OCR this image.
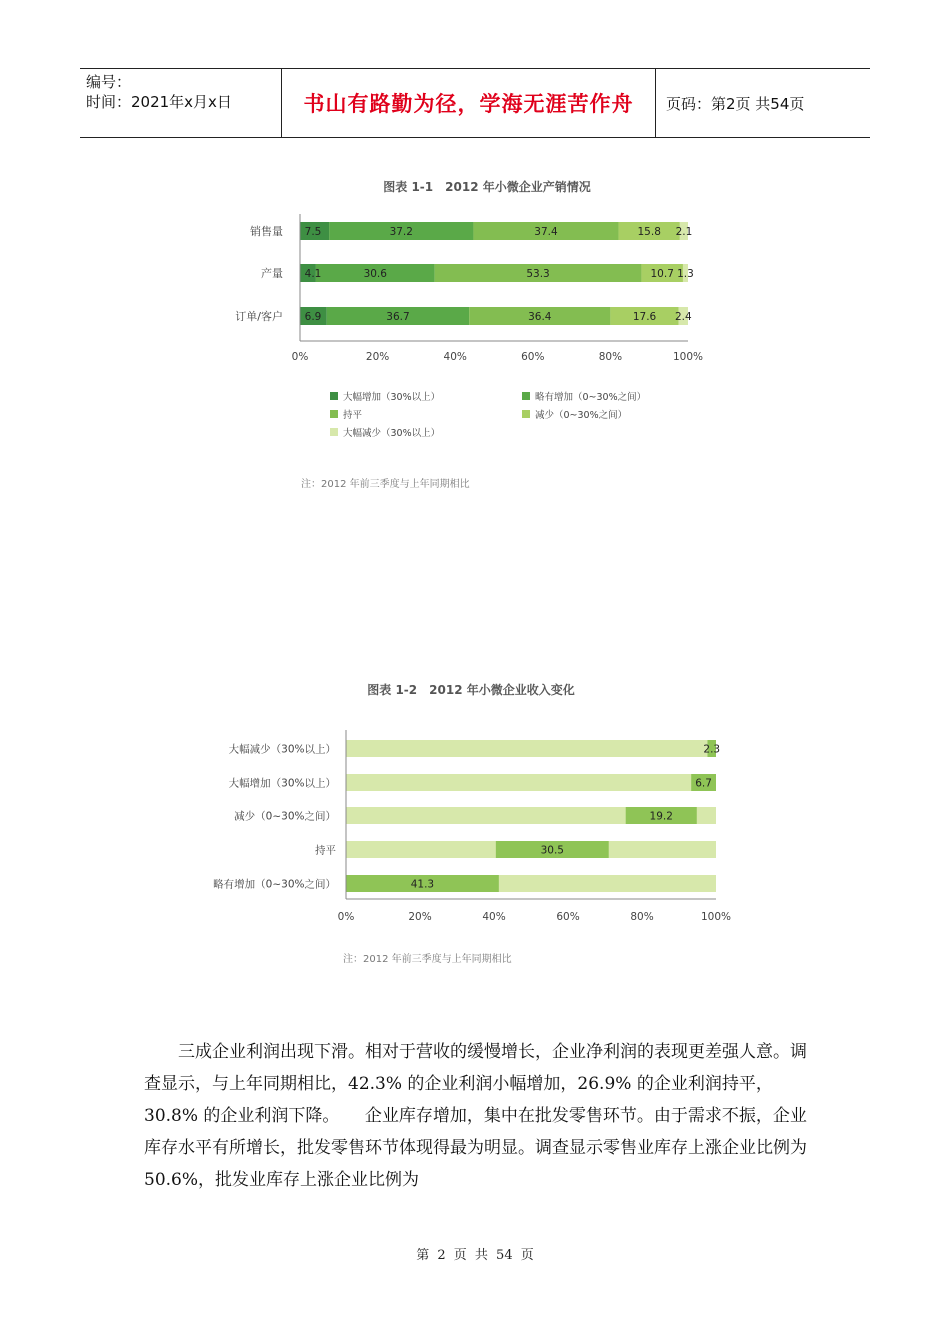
编号：
时间：2021年x月x日	书山有路勤为径，学海无涯苦作舟	页码：第2页 共54页
图表 1-1　2012 年小微企业产销情况
销售量
产量
订单/客户
7.5	37.2	37.4	15.8 2.1
4.1	30.6	53.3	10.7 1.3
6.9	36.7	36.4	17.6 2.4
0%	20%	40%	60%	80%	100%
大幅增加（30%以上）	略有增加（0~30%之间）
持平	减少（0~30%之间）
大幅减少（30%以上）
注：2012 年前三季度与上年同期相比
图表 1-2　2012 年小微企业收入变化
大幅减少（30%以上）
大幅增加（30%以上）
减少（0~30%之间）
持平
略有增加（0~30%之间）
2.3
6.7
19.2
30.5
41.3
0%	20%	40%	60%	80%	100%
注：2012 年前三季度与上年同期相比

三成企业利润出现下滑。相对于营收的缓慢增长，企业净利润的表现更差强人意。调查显示，与上年同期相比，42.3% 的企业利润小幅增加，26.9% 的企业利润持平，30.8% 的企业利润下降。　　企业库存增加，集中在批发零售环节。由于需求不振，企业库存水平有所增长，批发零售环节体现得最为明显。调查显示零售业库存上涨企业比例为 50.6%，批发业库存上涨企业比例为

第 2 页 共 54 页
